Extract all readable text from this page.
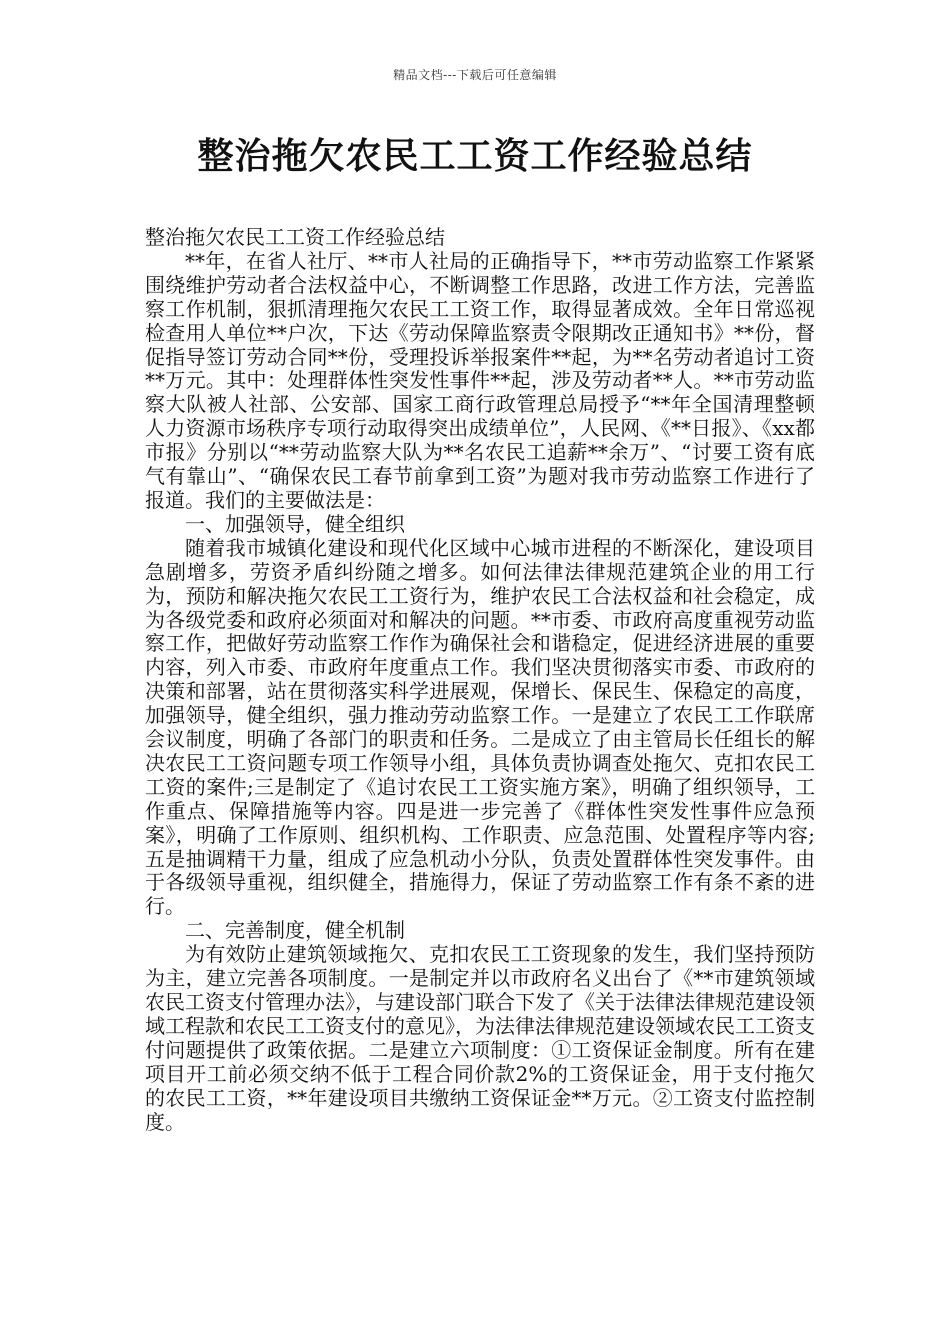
精品文档---下载后可任意编辑
整治拖欠农民工工资工作经验总结

整治拖欠农民工工资工作经验总结

**年，在省人社厅、**市人社局的正确指导下，**市劳动监察工作紧紧围绕维护劳动者合法权益中心，不断调整工作思路，改进工作方法，完善监察工作机制，狠抓清理拖欠农民工工资工作，取得显著成效。全年日常巡视检查用人单位**户次，下达《劳动保障监察责令限期改正通知书》**份，督促指导签订劳动合同**份，受理投诉举报案件**起，为**名劳动者追讨工资**万元。其中：处理群体性突发性事件**起，涉及劳动者**人。**市劳动监察大队被人社部、公安部、国家工商行政管理总局授予“**年全国清理整顿人力资源市场秩序专项行动取得突出成绩单位”，人民网、《**日报》、《xx都市报》分别以“**劳动监察大队为**名农民工追薪**余万”、“讨要工资有底气有靠山”、“确保农民工春节前拿到工资”为题对我市劳动监察工作进行了报道。我们的主要做法是：

一、加强领导，健全组织

随着我市城镇化建设和现代化区域中心城市进程的不断深化，建设项目急剧增多，劳资矛盾纠纷随之增多。如何法律法律规范建筑企业的用工行为，预防和解决拖欠农民工工资行为，维护农民工合法权益和社会稳定，成为各级党委和政府必须面对和解决的问题。**市委、市政府高度重视劳动监察工作，把做好劳动监察工作作为确保社会和谐稳定，促进经济进展的重要内容，列入市委、市政府年度重点工作。我们坚决贯彻落实市委、市政府的决策和部署，站在贯彻落实科学进展观，保增长、保民生、保稳定的高度，加强领导，健全组织，强力推动劳动监察工作。一是建立了农民工工作联席会议制度，明确了各部门的职责和任务。二是成立了由主管局长任组长的解决农民工工资问题专项工作领导小组，具体负责协调查处拖欠、克扣农民工工资的案件;三是制定了《追讨农民工工资实施方案》，明确了组织领导，工作重点、保障措施等内容。四是进一步完善了《群体性突发性事件应急预案》，明确了工作原则、组织机构、工作职责、应急范围、处置程序等内容;五是抽调精干力量，组成了应急机动小分队，负责处置群体性突发事件。由于各级领导重视，组织健全，措施得力，保证了劳动监察工作有条不紊的进行。

二、完善制度，健全机制

为有效防止建筑领域拖欠、克扣农民工工资现象的发生，我们坚持预防为主，建立完善各项制度。一是制定并以市政府名义出台了《**市建筑领域农民工资支付管理办法》，与建设部门联合下发了《关于法律法律规范建设领域工程款和农民工工资支付的意见》，为法律法律规范建设领域农民工工资支付问题提供了政策依据。二是建立六项制度：①工资保证金制度。所有在建项目开工前必须交纳不低于工程合同价款2%的工资保证金，用于支付拖欠的农民工工资，**年建设项目共缴纳工资保证金**万元。②工资支付监控制度。
